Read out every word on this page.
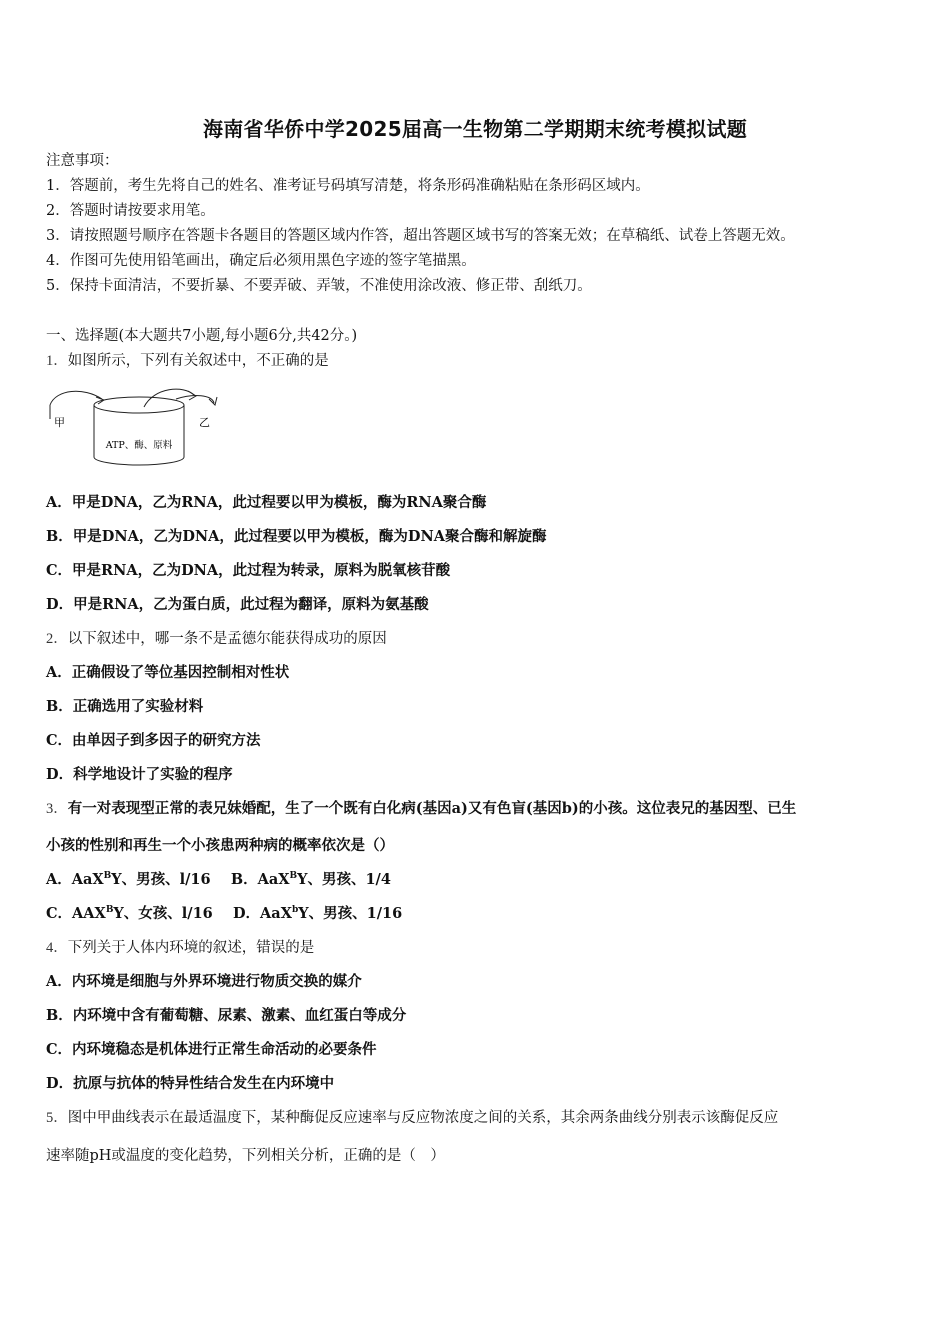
海南省华侨中学2025届高一生物第二学期期末统考模拟试题
注意事项：
1．答题前，考生先将自己的姓名、准考证号码填写清楚，将条形码准确粘贴在条形码区域内。
2．答题时请按要求用笔。
3．请按照题号顺序在答题卡各题目的答题区域内作答，超出答题区域书写的答案无效；在草稿纸、试卷上答题无效。
4．作图可先使用铅笔画出，确定后必须用黑色字迹的签字笔描黑。
5．保持卡面清洁，不要折暴、不要弄破、弄皱，不准使用涂改液、修正带、刮纸刀。
一、选择题(本大题共7小题,每小题6分,共42分。)
1．如图所示，下列有关叙述中，不正确的是
甲	乙
ATP、酶、原料
A．甲是DNA，乙为RNA，此过程要以甲为模板，酶为RNA聚合酶
B．甲是DNA，乙为DNA，此过程要以甲为模板，酶为DNA聚合酶和解旋酶
C．甲是RNA，乙为DNA，此过程为转录，原料为脱氧核苷酸
D．甲是RNA，乙为蛋白质，此过程为翻译，原料为氨基酸
2．以下叙述中，哪一条不是孟德尔能获得成功的原因
A．正确假设了等位基因控制相对性状
B．正确选用了实验材料
C．由单因子到多因子的研究方法
D．科学地设计了实验的程序
3．有一对表现型正常的表兄妹婚配，生了一个既有白化病(基因a)又有色盲(基因b)的小孩。这位表兄的基因型、已生
小孩的性别和再生一个小孩患两种病的概率依次是（）
A．AaX$^B$Y、男孩、l/16 B．AaX$^B$Y、男孩、1/4
C．$AAX^BY$、女孩、l/16 D．AaX$^b$Y、男孩、1/16
4．下列关于人体内环境的叙述，错误的是
A．内环境是细胞与外界环境进行物质交换的媒介
B．内环境中含有葡萄糖、尿素、激素、血红蛋白等成分
C．内环境稳态是机体进行正常生命活动的必要条件
D．抗原与抗体的特异性结合发生在内环境中
5．图中甲曲线表示在最适温度下，某种酶促反应速率与反应物浓度之间的关系，其余两条曲线分别表示该酶促反应
速率随pH或温度的变化趋势，下列相关分析，正确的是（　）
